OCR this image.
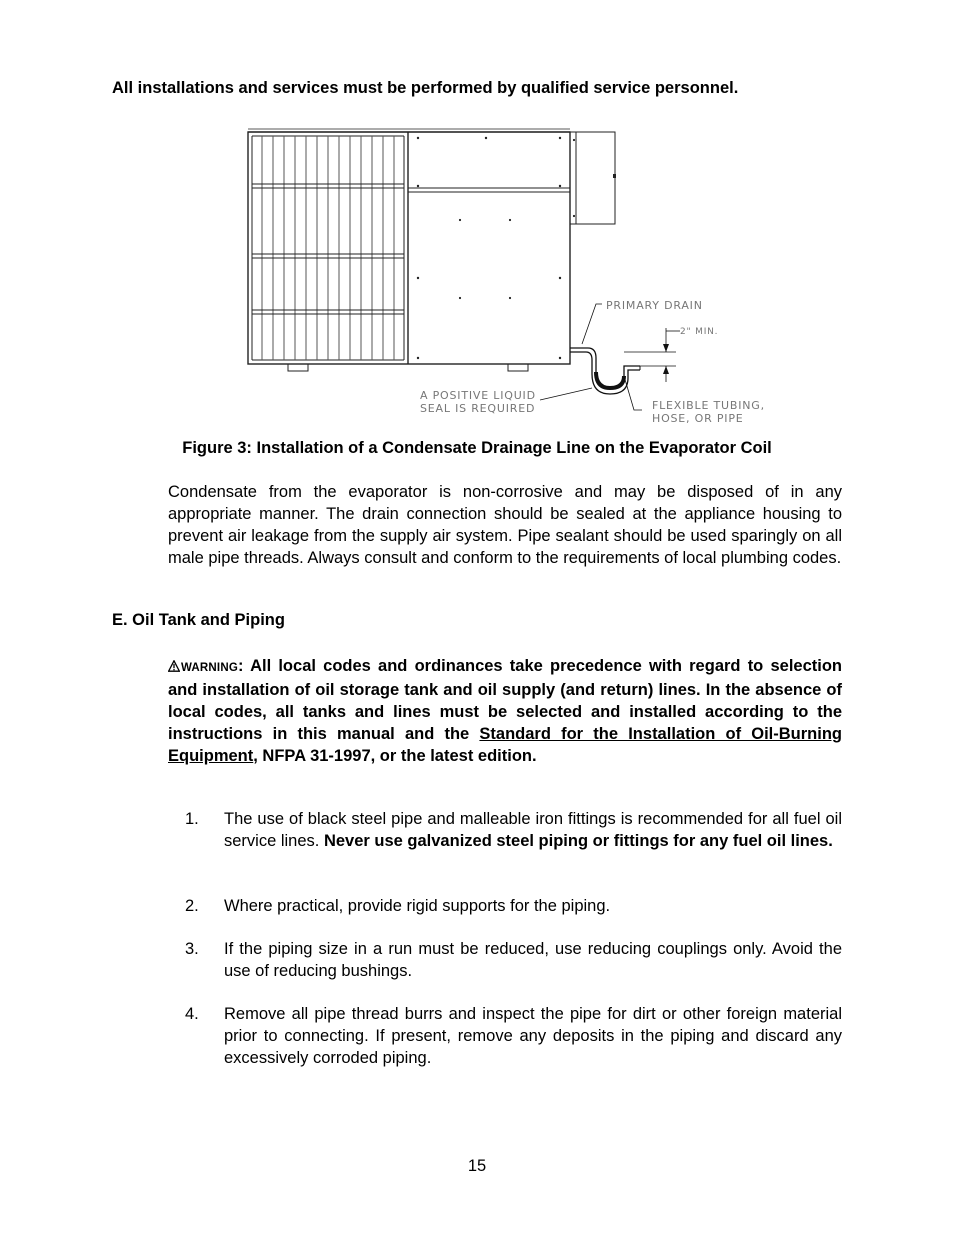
All installations and services must be performed by qualified service personnel.
PRIMARY DRAIN
2" MIN.
A POSITIVE LIQUID
SEAL IS REQUIRED	FLEXIBLE TUBING,
HOSE, OR PIPE
Figure 3: Installation of a Condensate Drainage Line on the Evaporator Coil
Condensate from the evaporator is non-corrosive and may be disposed of in any appropriate manner. The drain connection should be sealed at the appliance housing to prevent air leakage from the supply air system. Pipe sealant should be used sparingly on all male pipe threads. Always consult and conform to the requirements of local plumbing codes.
E. Oil Tank and Piping
WARNING: All local codes and ordinances take precedence with regard to selection and installation of oil storage tank and oil supply (and return) lines. In the absence of local codes, all tanks and lines must be selected and installed according to the instructions in this manual and the Standard for the Installation of Oil-Burning Equipment, NFPA 31-1997, or the latest edition.
1. The use of black steel pipe and malleable iron fittings is recommended for all fuel oil service lines. Never use galvanized steel piping or fittings for any fuel oil lines.
2. Where practical, provide rigid supports for the piping.
3. If the piping size in a run must be reduced, use reducing couplings only. Avoid the use of reducing bushings.
4. Remove all pipe thread burrs and inspect the pipe for dirt or other foreign material prior to connecting. If present, remove any deposits in the piping and discard any excessively corroded piping.
15
